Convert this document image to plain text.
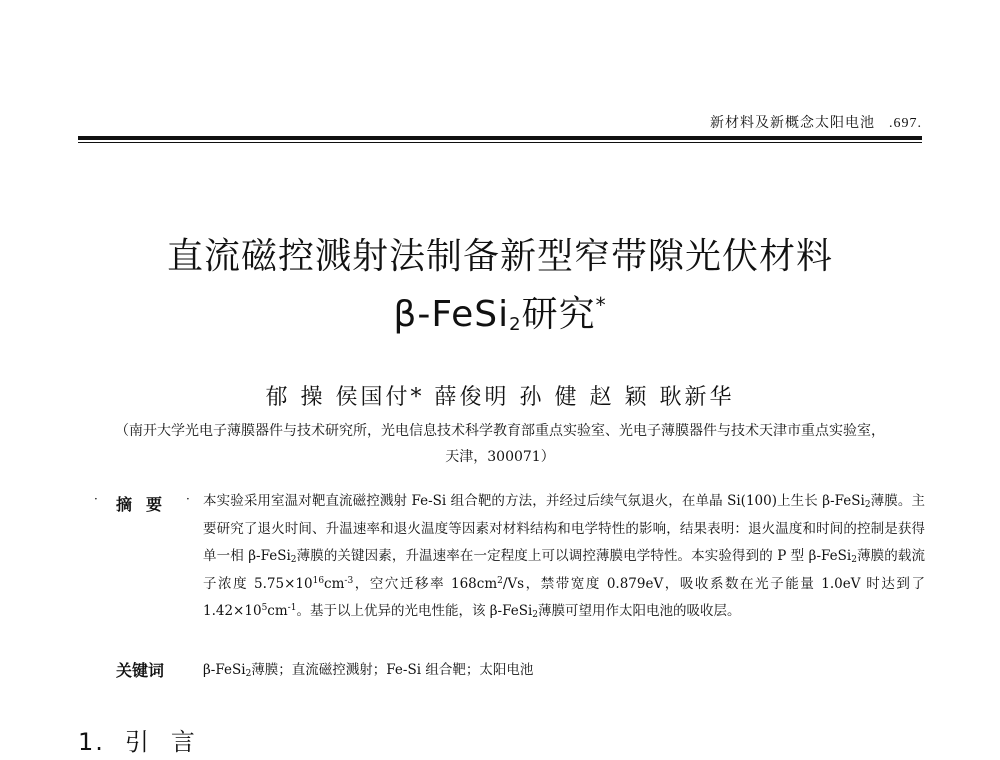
新材料及新概念太阳电池 .697.
直流磁控溅射法制备新型窄带隙光伏材料
β-FeSi$_2$研究*
郁 操 侯国付* 薛俊明 孙 健 赵 颖 耿新华
（南开大学光电子薄膜器件与技术研究所，光电信息技术科学教育部重点实验室、光电子薄膜器件与技术天津市重点实验室，
天津，300071）
· 摘要 · 本实验采用室温对靶直流磁控溅射 Fe-Si 组合靶的方法，并经过后续气氛退火，在单晶 Si(100)上生长 β-FeSi$_2$薄膜。主要研究了退火时间、升温速率和退火温度等因素对材料结构和电学特性的影响，结果表明：退火温度和时间的控制是获得单一相 β-FeSi$_2$薄膜的关键因素，升温速率在一定程度上可以调控薄膜电学特性。本实验得到的 P 型 β-FeSi$_2$薄膜的载流子浓度 $5.75\times 10^{16}cm^{-3}$，空穴迁移率 $168cm^2/Vs$，禁带宽度 0.879eV，吸收系数在光子能量 1.0eV 时达到了 $1.42\times 10^5cm^{-1}$。基于以上优异的光电性能，该 β-FeSi$_2$薄膜可望用作太阳电池的吸收层。
关键词	β-FeSi$_2$薄膜；直流磁控溅射；Fe-Si 组合靶；太阳电池
1. 引言
